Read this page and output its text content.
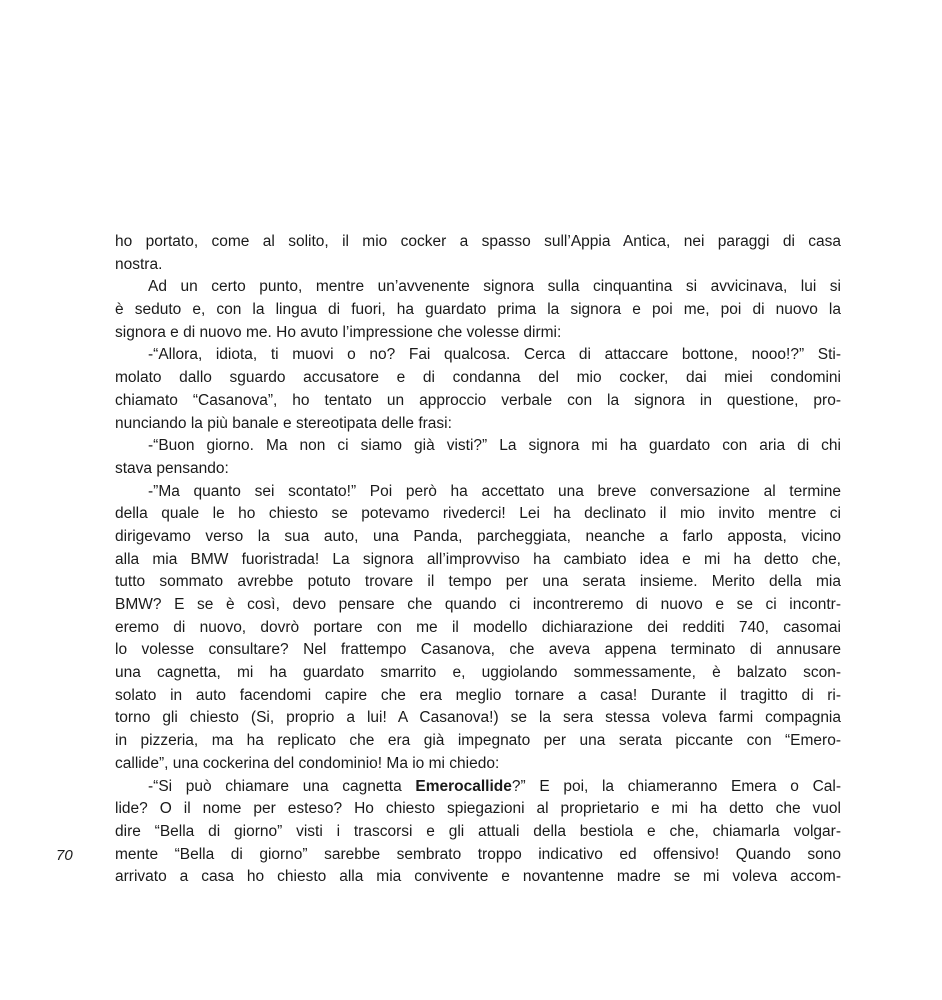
70
ho portato, come al solito, il mio cocker a spasso sull’Appia Antica, nei paraggi di casa
nostra.
Ad un certo punto, mentre un’avvenente signora sulla cinquantina si avvicinava, lui si
è seduto e, con la lingua di fuori, ha guardato prima la signora e poi me, poi di nuovo la
signora e di nuovo me. Ho avuto l’impressione che volesse dirmi:
-“Allora, idiota, ti muovi o no? Fai qualcosa. Cerca di attaccare bottone, nooo!?” Sti-
molato dallo sguardo accusatore e di condanna del mio cocker, dai miei condomini
chiamato “Casanova”, ho tentato un approccio verbale con la signora in questione, pro-
nunciando la più banale e stereotipata delle frasi:
-“Buon giorno. Ma non ci siamo già visti?” La signora mi ha guardato con aria di chi
stava pensando:
-”Ma quanto sei scontato!” Poi però ha accettato una breve conversazione al termine
della quale le ho chiesto se potevamo rivederci! Lei ha declinato il mio invito mentre ci
dirigevamo verso la sua auto, una Panda, parcheggiata, neanche a farlo apposta, vicino
alla mia BMW fuoristrada! La signora all’improvviso ha cambiato idea e mi ha detto che,
tutto sommato avrebbe potuto trovare il tempo per una serata insieme. Merito della mia
BMW? E se è così, devo pensare che quando ci incontreremo di nuovo e se ci incontr-
eremo di nuovo, dovrò portare con me il modello dichiarazione dei redditi 740, casomai
lo volesse consultare? Nel frattempo Casanova, che aveva appena terminato di annusare
una cagnetta, mi ha guardato smarrito e, uggiolando sommessamente, è balzato scon-
solato in auto facendomi capire che era meglio tornare a casa! Durante il tragitto di ri-
torno gli chiesto (Si, proprio a lui! A Casanova!) se la sera stessa voleva farmi compagnia
in pizzeria, ma ha replicato che era già impegnato per una serata piccante con “Emero-
callide”, una cockerina del condominio! Ma io mi chiedo:
-“Si può chiamare una cagnetta Emerocallide?” E poi, la chiameranno Emera o Cal-
lide? O il nome per esteso? Ho chiesto spiegazioni al proprietario e mi ha detto che vuol
dire “Bella di giorno” visti i trascorsi e gli attuali della bestiola e che, chiamarla volgar-
mente “Bella di giorno” sarebbe sembrato troppo indicativo ed offensivo! Quando sono
arrivato a casa ho chiesto alla mia convivente e novantenne madre se mi voleva accom-
